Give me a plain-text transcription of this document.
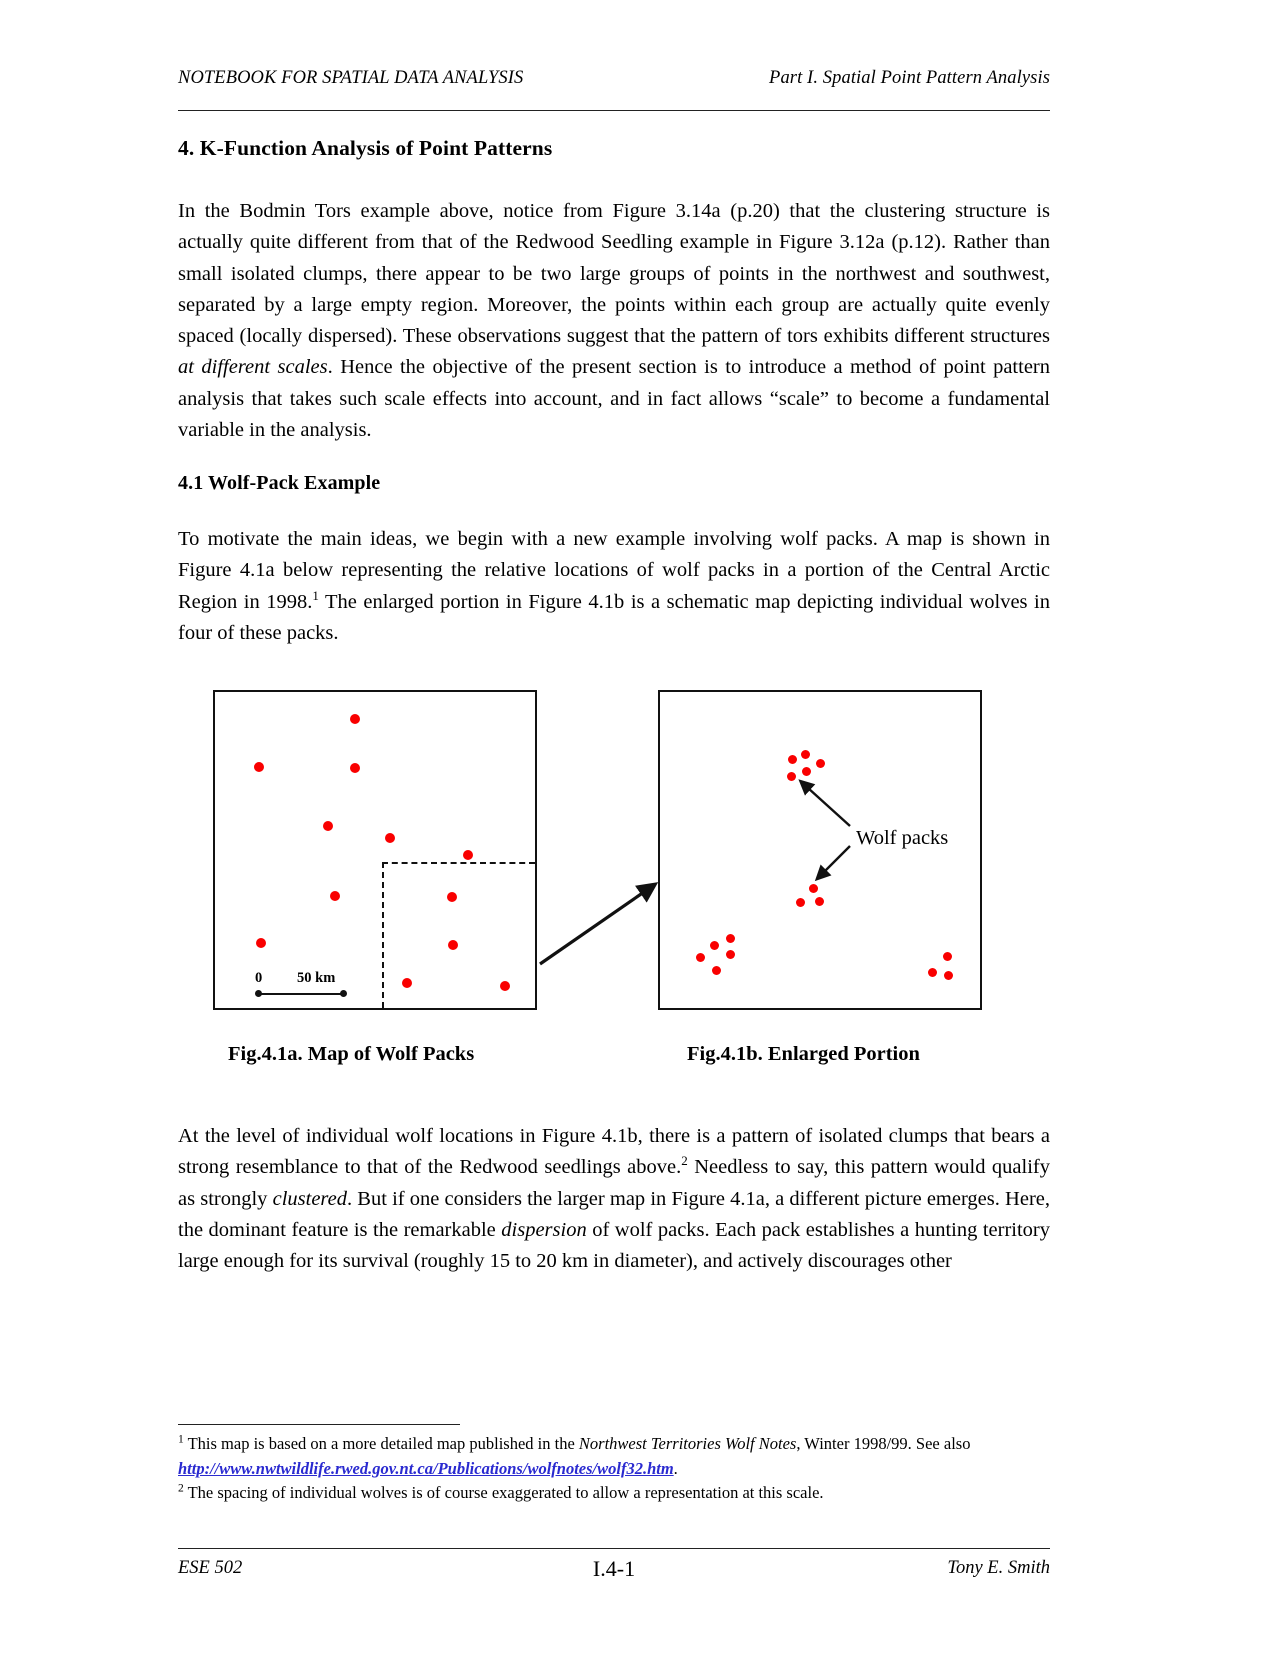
NOTEBOOK FOR SPATIAL DATA ANALYSIS	Part I. Spatial Point Pattern Analysis
4. K-Function Analysis of Point Patterns
In the Bodmin Tors example above, notice from Figure 3.14a (p.20) that the clustering structure is actually quite different from that of the Redwood Seedling example in Figure 3.12a (p.12). Rather than small isolated clumps, there appear to be two large groups of points in the northwest and southwest, separated by a large empty region. Moreover, the points within each group are actually quite evenly spaced (locally dispersed). These observations suggest that the pattern of tors exhibits different structures at different scales. Hence the objective of the present section is to introduce a method of point pattern analysis that takes such scale effects into account, and in fact allows “scale” to become a fundamental variable in the analysis.
4.1 Wolf-Pack Example
To motivate the main ideas, we begin with a new example involving wolf packs. A map is shown in Figure 4.1a below representing the relative locations of wolf packs in a portion of the Central Arctic Region in 1998.$^1$ The enlarged portion in Figure 4.1b is a schematic map depicting individual wolves in four of these packs.
0 50 km
Wolf packs
Fig.4.1a. Map of Wolf Packs	Fig.4.1b. Enlarged Portion
At the level of individual wolf locations in Figure 4.1b, there is a pattern of isolated clumps that bears a strong resemblance to that of the Redwood seedlings above.$^2$ Needless to say, this pattern would qualify as strongly clustered. But if one considers the larger map in Figure 4.1a, a different picture emerges. Here, the dominant feature is the remarkable dispersion of wolf packs. Each pack establishes a hunting territory large enough for its survival (roughly 15 to 20 km in diameter), and actively discourages other

$^1$ This map is based on a more detailed map published in the Northwest Territories Wolf Notes, Winter 1998/99. See also http://www.nwtwildlife.rwed.gov.nt.ca/Publications/wolfnotes/wolf32.htm.

$^2$ The spacing of individual wolves is of course exaggerated to allow a representation at this scale.

ESE 502	I.4-1	Tony E. Smith
